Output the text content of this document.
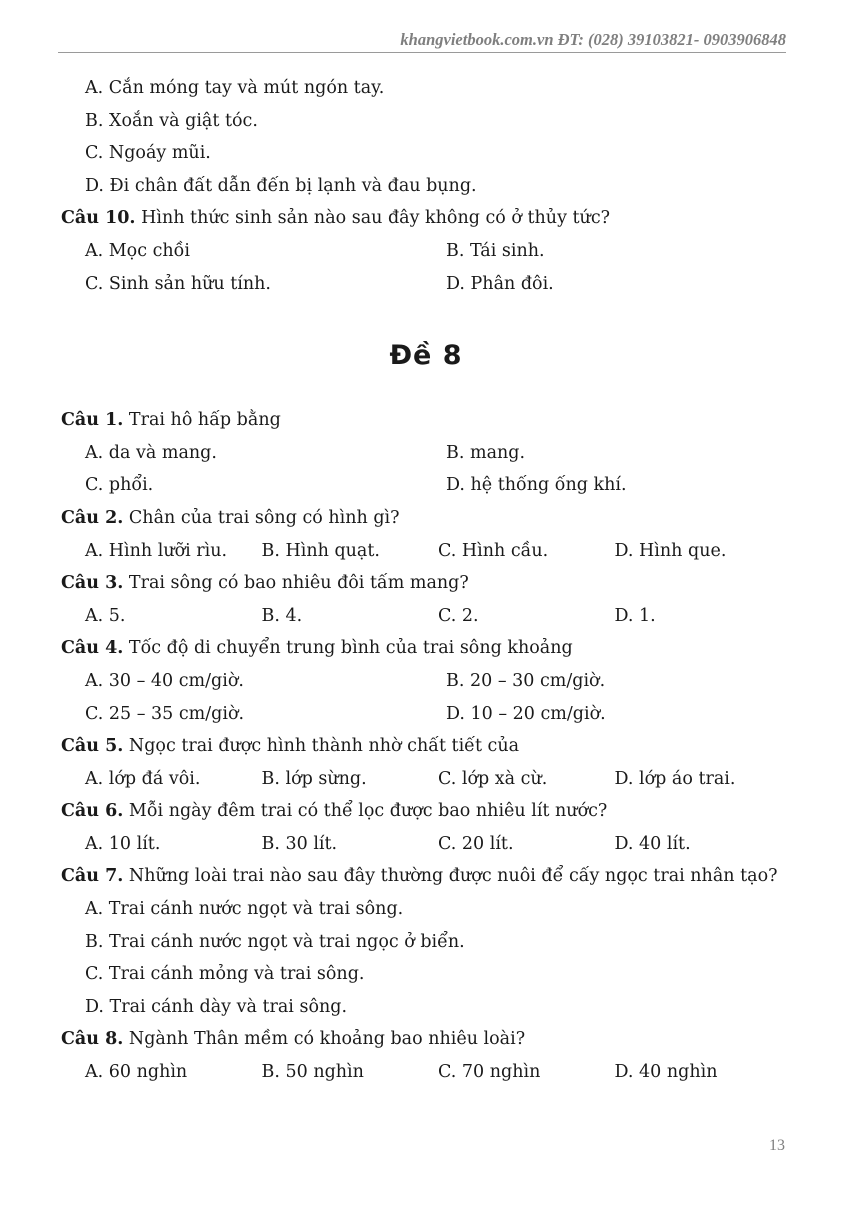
khangvietbook.com.vn ĐT: (028) 39103821- 0903906848
A. Cắn móng tay và mút ngón tay.
B. Xoắn và giật tóc.
C. Ngoáy mũi.
D. Đi chân đất dẫn đến bị lạnh và đau bụng.
Câu 10. Hình thức sinh sản nào sau đây không có ở thủy tức?
A. Mọc chồi	B. Tái sinh.
C. Sinh sản hữu tính.	D. Phân đôi.
Đề 8
Câu 1. Trai hô hấp bằng
A. da và mang.	B. mang.
C. phổi.	D. hệ thống ống khí.
Câu 2. Chân của trai sông có hình gì?
A. Hình lưỡi rìu.	B. Hình quạt.	C. Hình cầu.	D. Hình que.
Câu 3. Trai sông có bao nhiêu đôi tấm mang?
A. 5.	B. 4.	C. 2.	D. 1.
Câu 4. Tốc độ di chuyển trung bình của trai sông khoảng
A. 30 – 40 cm/giờ.	B. 20 – 30 cm/giờ.
C. 25 – 35 cm/giờ.	D. 10 – 20 cm/giờ.
Câu 5. Ngọc trai được hình thành nhờ chất tiết của
A. lớp đá vôi.	B. lớp sừng.	C. lớp xà cừ.	D. lớp áo trai.
Câu 6. Mỗi ngày đêm trai có thể lọc được bao nhiêu lít nước?
A. 10 lít.	B. 30 lít.	C. 20 lít.	D. 40 lít.
Câu 7. Những loài trai nào sau đây thường được nuôi để cấy ngọc trai nhân tạo?
A. Trai cánh nước ngọt và trai sông.
B. Trai cánh nước ngọt và trai ngọc ở biển.
C. Trai cánh mỏng và trai sông.
D. Trai cánh dày và trai sông.
Câu 8. Ngành Thân mềm có khoảng bao nhiêu loài?
A. 60 nghìn	B. 50 nghìn	C. 70 nghìn	D. 40 nghìn
13
